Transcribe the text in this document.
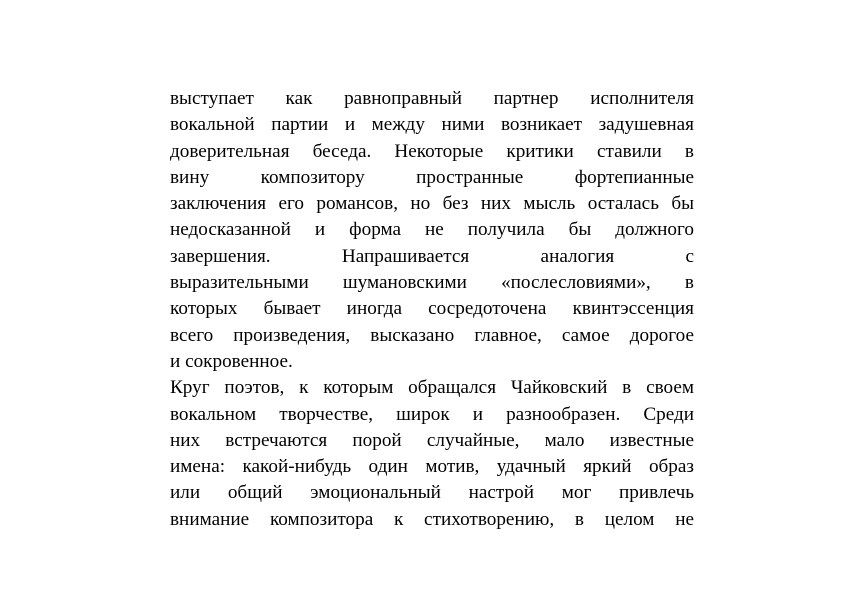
выступает как равноправный партнер исполнителя
вокальной партии и между ними возникает задушевная
доверительная беседа. Некоторые критики ставили в
вину композитору пространные фортепианные
заключения его романсов, но без них мысль осталась бы
недосказанной и форма не получила бы должного
завершения. Напрашивается аналогия с
выразительными шумановскими «послесловиями», в
которых бывает иногда сосредоточена квинтэссенция
всего произведения, высказано главное, самое дорогое
и сокровенное.
Круг поэтов, к которым обращался Чайковский в своем
вокальном творчестве, широк и разнообразен. Среди
них встречаются порой случайные, мало известные
имена: какой-нибудь один мотив, удачный яркий образ
или общий эмоциональный настрой мог привлечь
внимание композитора к стихотворению, в целом не
